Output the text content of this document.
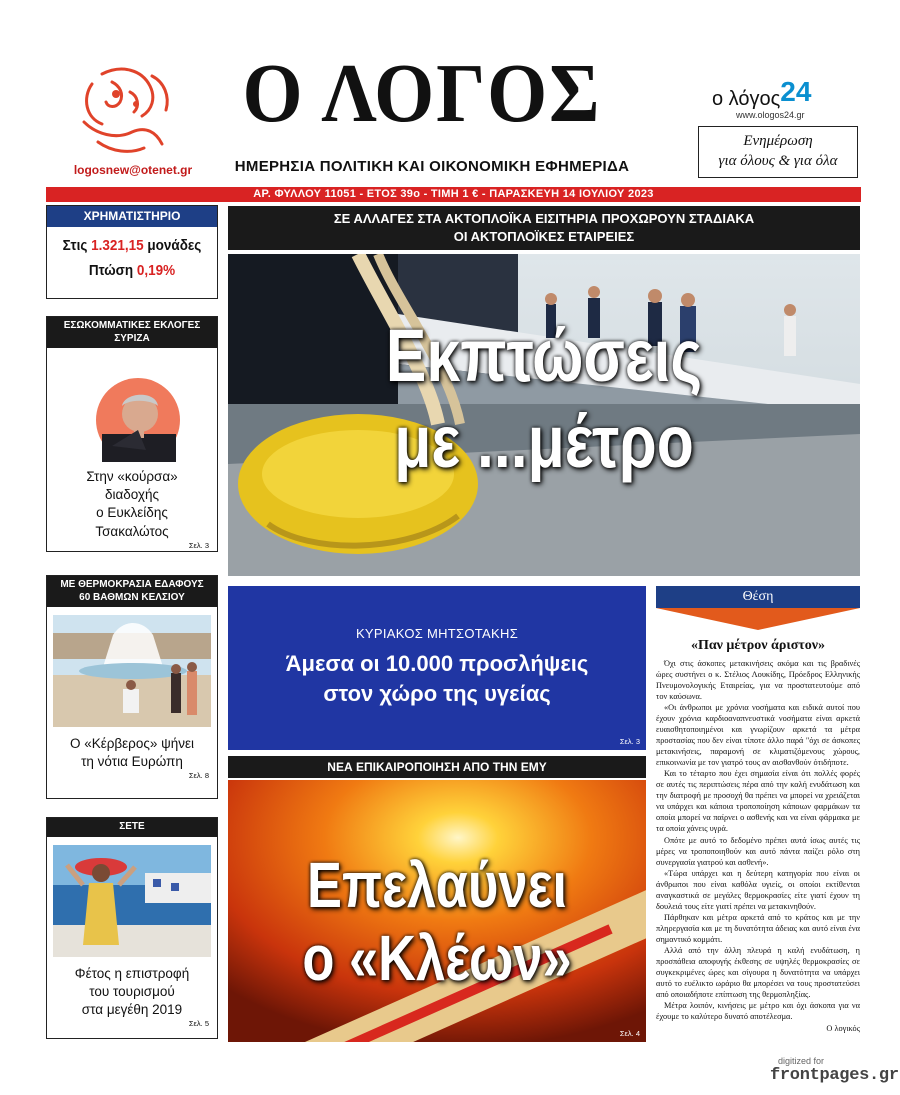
logosnew@otenet.gr
Ο ΛΟΓΟΣ
ΗΜΕΡΗΣΙΑ ΠΟΛΙΤΙΚΗ ΚΑΙ ΟΙΚΟΝΟΜΙΚΗ ΕΦΗΜΕΡΙΔΑ
ο λόγος24
www.ologos24.gr
Ενημέρωση
για όλους & για όλα
ΑΡ. ΦΥΛΛΟΥ 11051 - ΕΤΟΣ 39ο - ΤΙΜΗ 1 € - ΠΑΡΑΣΚΕΥΗ 14 ΙΟΥΛΙΟΥ 2023
ΧΡΗΜΑΤΙΣΤΗΡΙΟ
Στις 1.321,15 μονάδες
Πτώση 0,19%
ΕΣΩΚΟΜΜΑΤΙΚΕΣ ΕΚΛΟΓΕΣ ΣΥΡΙΖΑ
Στην «κούρσα»
διαδοχής
ο Ευκλείδης
Τσακαλώτος
Σελ. 3
ΜΕ ΘΕΡΜΟΚΡΑΣΙΑ ΕΔΑΦΟΥΣ
60 ΒΑΘΜΩΝ ΚΕΛΣΙΟΥ
Ο «Κέρβερος» ψήνει
τη νότια Ευρώπη
Σελ. 8
ΣΕΤΕ
Φέτος η επιστροφή
του τουρισμού
στα μεγέθη 2019
Σελ. 5
ΣΕ ΑΛΛΑΓΕΣ ΣΤΑ ΑΚΤΟΠΛΟΪΚΑ ΕΙΣΙΤΗΡΙΑ ΠΡΟΧΩΡΟΥΝ ΣΤΑΔΙΑΚΑ
ΟΙ ΑΚΤΟΠΛΟΪΚΕΣ ΕΤΑΙΡΕΙΕΣ
Εκπτώσεις
με ...μέτρο
ΚΥΡΙΑΚΟΣ ΜΗΤΣΟΤΑΚΗΣ
Άμεσα οι 10.000 προσλήψεις
στον χώρο της υγείας
Σελ. 3
ΝΕΑ ΕΠΙΚΑΙΡΟΠΟΙΗΣΗ ΑΠΟ ΤΗΝ ΕΜΥ
Επελαύνει
ο «Κλέων»
Σελ. 4
Θέση
«Παν μέτρον άριστον»

Όχι στις άσκοπες μετακινήσεις ακόμα και τις βραδινές ώρες συστήνει ο κ. Στέλιος Λουκίδης, Πρόεδρος Ελληνικής Πνευμονολογικής Εταιρείας, για να προστατευτούμε από τον καύσωνα.

«Οι άνθρωποι με χρόνια νοσήματα και ειδικά αυτοί που έχουν χρόνια καρδιοαναπνευστικά νοσήματα είναι αρκετά ευαισθητοποιημένοι και γνωρίζουν αρκετά τα μέτρα προστασίας που δεν είναι τίποτε άλλο παρά "όχι σε άσκοπες μετακινήσεις, παραμονή σε κλιματιζόμενους χώρους, επικοινωνία με τον γιατρό τους αν αισθανθούν ότιδήποτε.

Και το τέταρτο που έχει σημασία είναι ότι πολλές φορές σε αυτές τις περιπτώσεις πέρα από την καλή ενυδάτωση και την διατροφή με προσοχή θα πρέπει να μπορεί να χρειάζεται να υπάρχει και κάποια τροποποίηση κάποιων φαρμάκων τα οποία μπορεί να παίρνει ο ασθενής και να είναι φάρμακα με τα οποία χάνεις υγρά.

Οπότε με αυτό το δεδομένο πρέπει αυτά ίσως αυτές τις μέρες να τροποποιηθούν και αυτό πάντα παίζει ρόλο στη συνεργασία γιατρού και ασθενή».

«Τώρα υπάρχει και η δεύτερη κατηγορία που είναι οι άνθρωποι που είναι καθόλα υγιείς, οι οποίοι εκτίθενται αναγκαστικά σε μεγάλες θερμοκρασίες είτε γιατί έχουν τη δουλειά τους είτε γιατί πρέπει να μετακινηθούν.

Πάρθηκαν και μέτρα αρκετά από το κράτος και με την πληρεργασία και με τη δυνατότητα άδειας και αυτό είναι ένα σημαντικό κομμάτι.

Αλλά από την άλλη πλευρά η καλή ενυδάτωση, η προσπάθεια αποφυγής έκθεσης σε υψηλές θερμοκρασίες σε συγκεκριμένες ώρες και σίγουρα η δυνατότητα να υπάρχει αυτό το ευέλικτο ωράριο θα μπορέσει να τους προστατεύσει από οποιαδήποτε επίπτωση της θερμοπληξίας.

Μέτρα λοιπόν, κινήσεις με μέτρο και όχι άσκοπα για να έχουμε το καλύτερο δυνατό αποτέλεσμα.

Ο λογικός
digitized for
frontpages.gr
